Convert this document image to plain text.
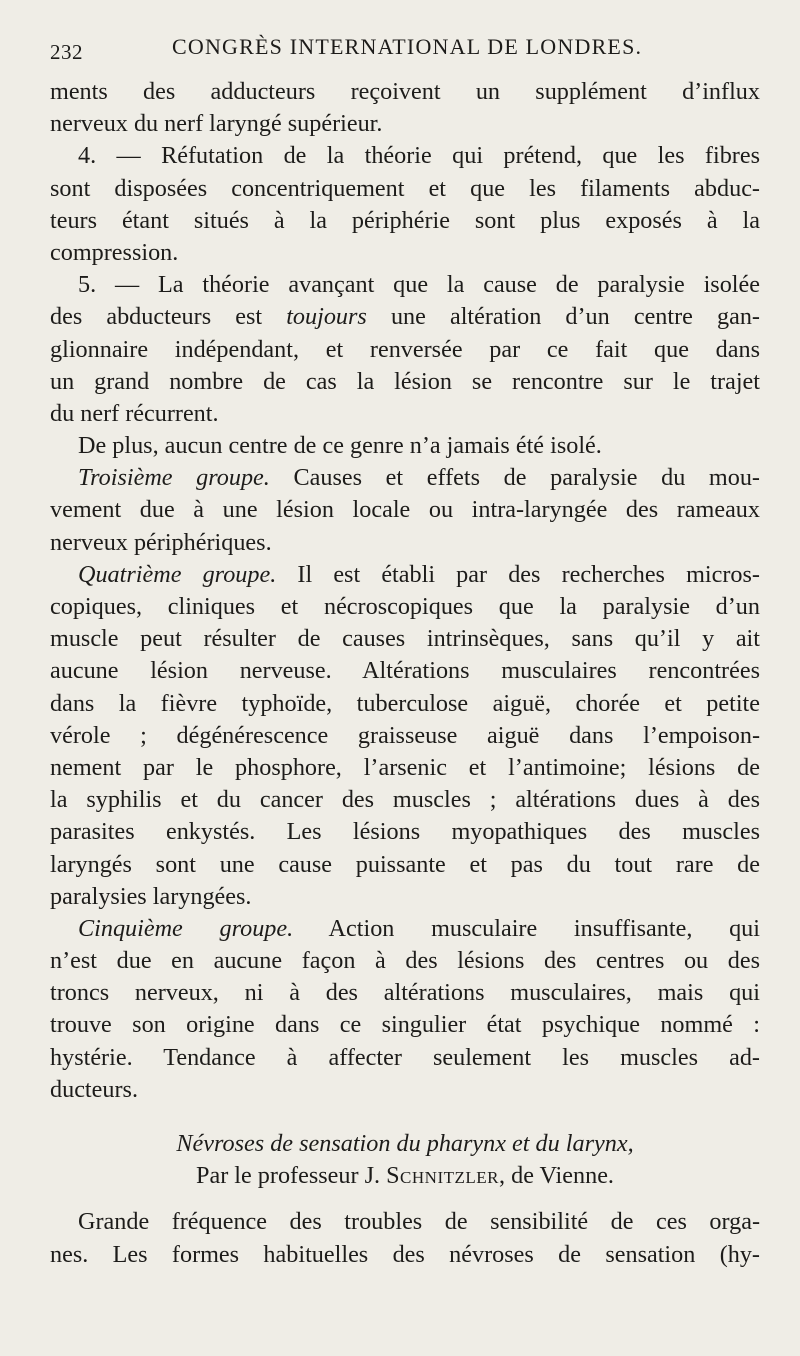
232	CONGRÈS INTERNATIONAL DE LONDRES.
ments des adducteurs reçoivent un supplément d’influx
nerveux du nerf laryngé supérieur.
4. — Réfutation de la théorie qui prétend, que les fibres
sont disposées concentriquement et que les filaments abduc-
teurs étant situés à la périphérie sont plus exposés à la
compression.
5. — La théorie avançant que la cause de paralysie isolée
des abducteurs est toujours une altération d’un centre gan-
glionnaire indépendant, et renversée par ce fait que dans
un grand nombre de cas la lésion se rencontre sur le trajet
du nerf récurrent.
De plus, aucun centre de ce genre n’a jamais été isolé.
Troisième groupe. Causes et effets de paralysie du mou-
vement due à une lésion locale ou intra-laryngée des rameaux
nerveux périphériques.
Quatrième groupe. Il est établi par des recherches micros-
copiques, cliniques et nécroscopiques que la paralysie d’un
muscle peut résulter de causes intrinsèques, sans qu’il y ait
aucune lésion nerveuse. Altérations musculaires rencontrées
dans la fièvre typhoïde, tuberculose aiguë, chorée et petite
vérole ; dégénérescence graisseuse aiguë dans l’empoison-
nement par le phosphore, l’arsenic et l’antimoine; lésions de
la syphilis et du cancer des muscles ; altérations dues à des
parasites enkystés. Les lésions myopathiques des muscles
laryngés sont une cause puissante et pas du tout rare de
paralysies laryngées.
Cinquième groupe. Action musculaire insuffisante, qui
n’est due en aucune façon à des lésions des centres ou des
troncs nerveux, ni à des altérations musculaires, mais qui
trouve son origine dans ce singulier état psychique nommé :
hystérie. Tendance à affecter seulement les muscles ad-
ducteurs.
Névroses de sensation du pharynx et du larynx,
Par le professeur J. Schnitzler, de Vienne.
Grande fréquence des troubles de sensibilité de ces orga-
nes. Les formes habituelles des névroses de sensation (hy-
